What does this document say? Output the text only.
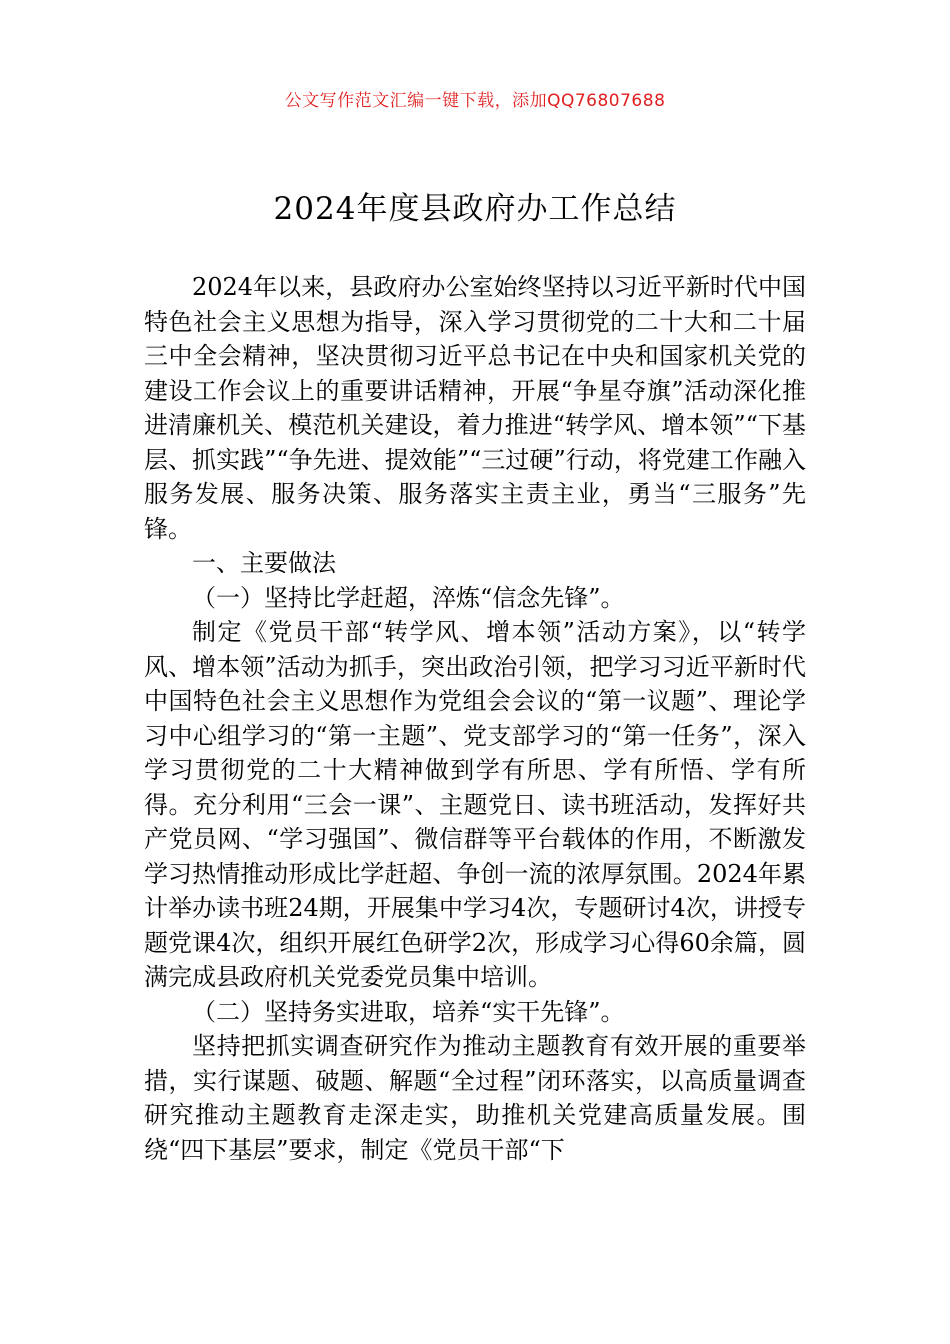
公文写作范文汇编一键下载，添加QQ76807688
2024年度县政府办工作总结

2024年以来，县政府办公室始终坚持以习近平新时代中国特色社会主义思想为指导，深入学习贯彻党的二十大和二十届三中全会精神，坚决贯彻习近平总书记在中央和国家机关党的建设工作会议上的重要讲话精神，开展“争星夺旗”活动深化推进清廉机关、模范机关建设，着力推进“转学风、增本领”“下基层、抓实践”“争先进、提效能”“三过硬”行动，将党建工作融入服务发展、服务决策、服务落实主责主业，勇当“三服务”先锋。

一、主要做法

（一）坚持比学赶超，淬炼“信念先锋”。

制定《党员干部“转学风、增本领”活动方案》，以“转学风、增本领”活动为抓手，突出政治引领，把学习习近平新时代中国特色社会主义思想作为党组会会议的“第一议题”、理论学习中心组学习的“第一主题”、党支部学习的“第一任务”，深入学习贯彻党的二十大精神做到学有所思、学有所悟、学有所得。充分利用“三会一课”、主题党日、读书班活动，发挥好共产党员网、“学习强国”、微信群等平台载体的作用，不断激发学习热情推动形成比学赶超、争创一流的浓厚氛围。2024年累计举办读书班24期，开展集中学习4次，专题研讨4次，讲授专题党课4次，组织开展红色研学2次，形成学习心得60余篇，圆满完成县政府机关党委党员集中培训。

（二）坚持务实进取，培养“实干先锋”。

坚持把抓实调查研究作为推动主题教育有效开展的重要举措，实行谋题、破题、解题“全过程”闭环落实，以高质量调查研究推动主题教育走深走实，助推机关党建高质量发展。围绕“四下基层”要求，制定《党员干部“下
